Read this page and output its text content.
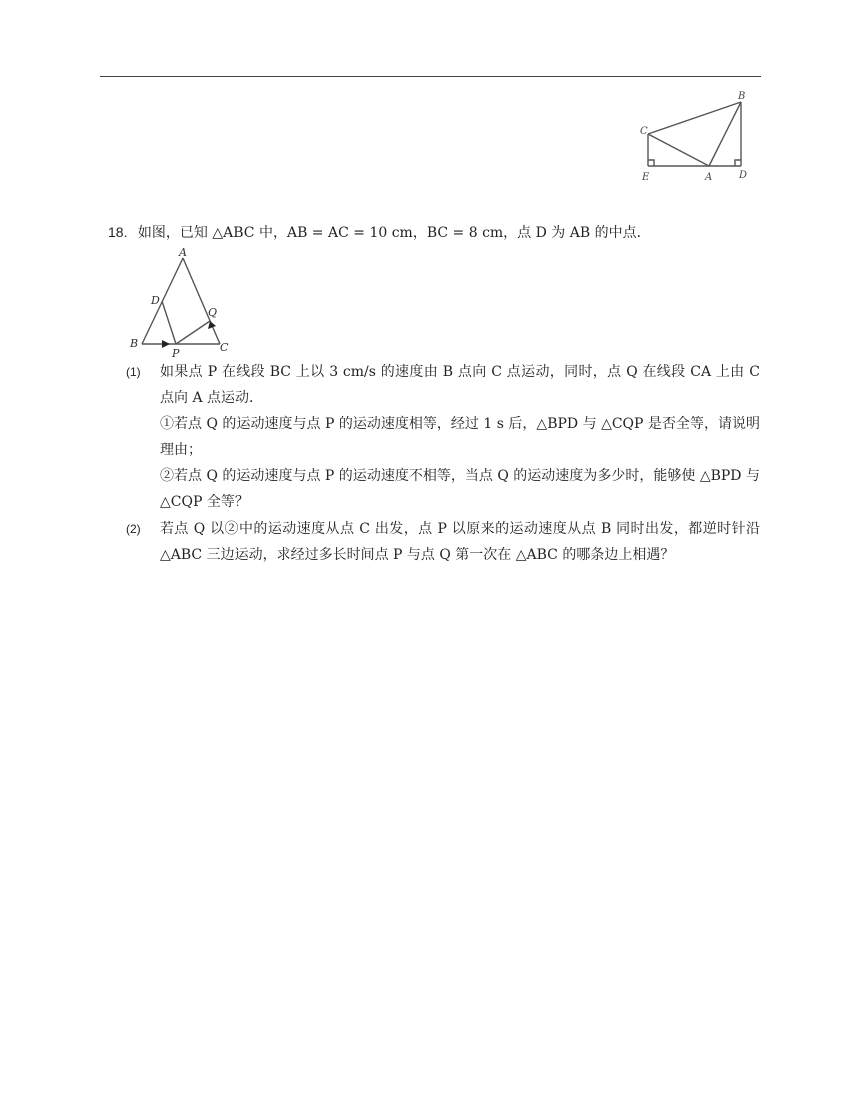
B
C
E	A	D
18. 如图，已知 △ABC 中，AB = AC = 10 cm，BC = 8 cm，点 D 为 AB 的中点．
A
D
Q
B
P	C
(1) 如果点 P 在线段 BC 上以 3 cm/s 的速度由 B 点向 C 点运动，同时，点 Q 在线段 CA 上由 C 点向 A 点运动．

①若点 Q 的运动速度与点 P 的运动速度相等，经过 1 s 后，△BPD 与 △CQP 是否全等，请说明理由；

②若点 Q 的运动速度与点 P 的运动速度不相等，当点 Q 的运动速度为多少时，能够使 △BPD 与 △CQP 全等？

(2) 若点 Q 以②中的运动速度从点 C 出发，点 P 以原来的运动速度从点 B 同时出发，都逆时针沿 △ABC 三边运动，求经过多长时间点 P 与点 Q 第一次在 △ABC 的哪条边上相遇？
